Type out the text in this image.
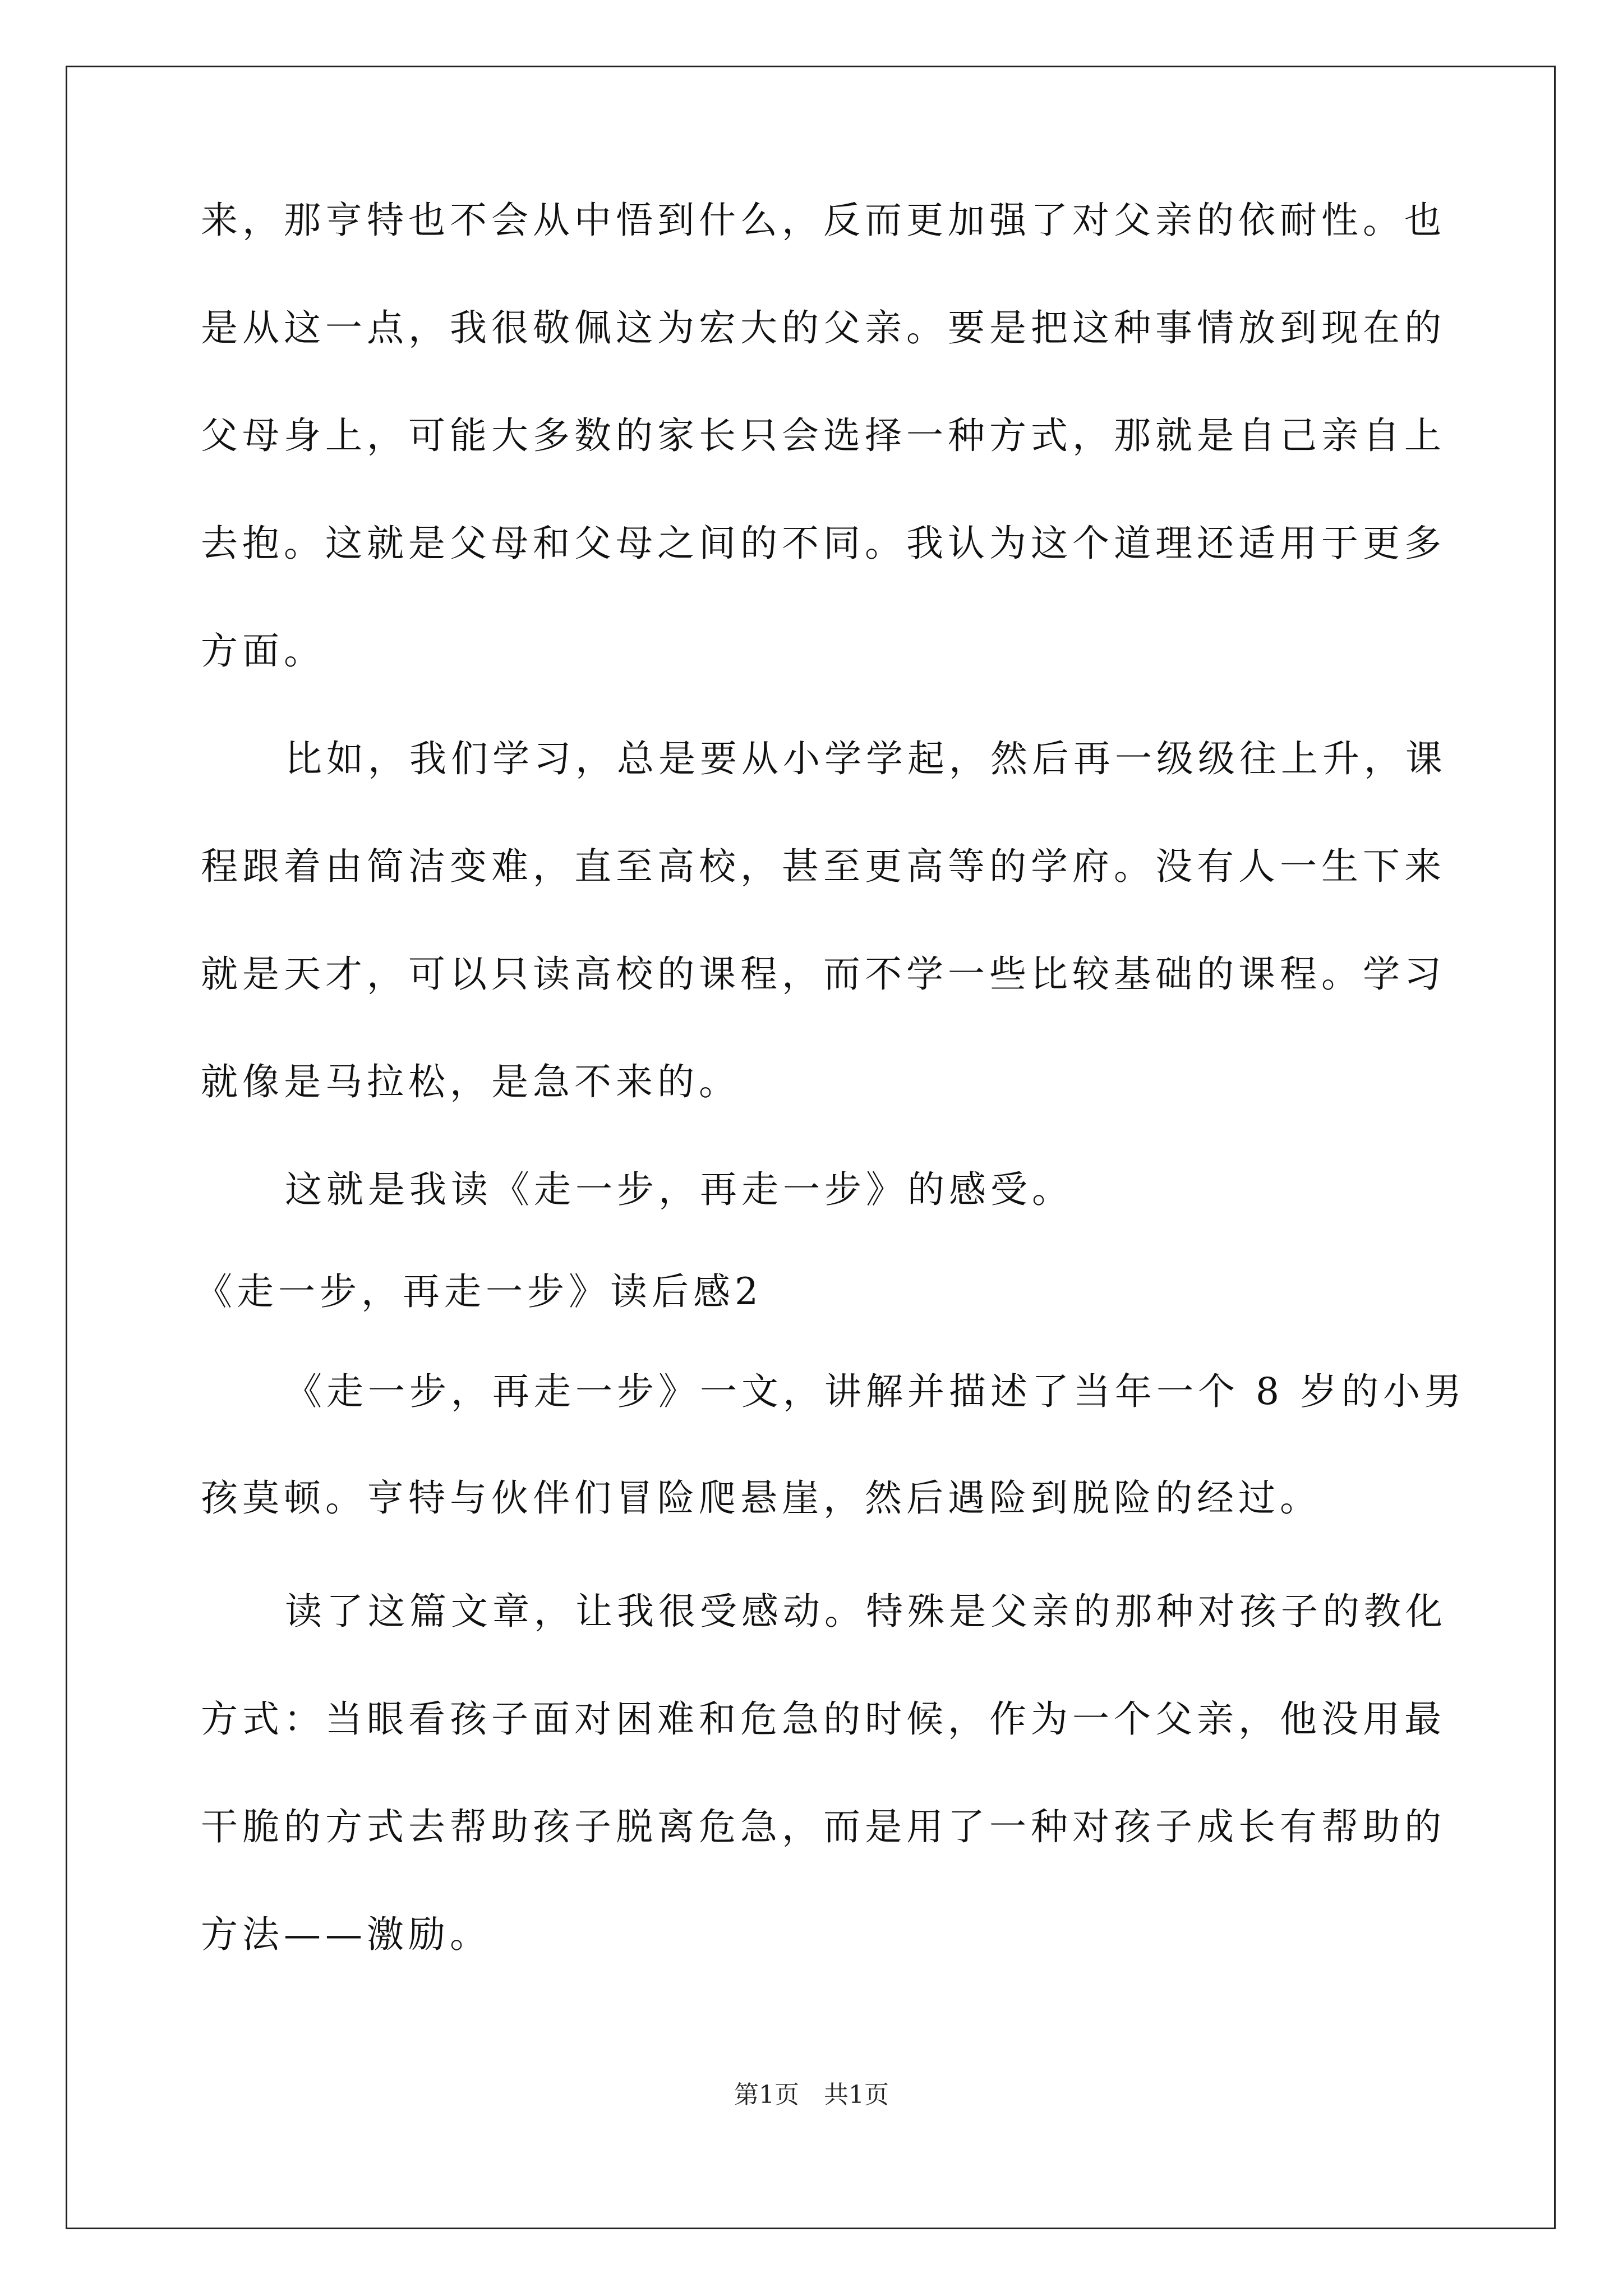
来，那亨特也不会从中悟到什么，反而更加强了对父亲的依耐性。也
是从这一点，我很敬佩这为宏大的父亲。要是把这种事情放到现在的
父母身上，可能大多数的家长只会选择一种方式，那就是自己亲自上
去抱。这就是父母和父母之间的不同。我认为这个道理还适用于更多
方面。
比如，我们学习，总是要从小学学起，然后再一级级往上升，课
程跟着由简洁变难，直至高校，甚至更高等的学府。没有人一生下来
就是天才，可以只读高校的课程，而不学一些比较基础的课程。学习
就像是马拉松，是急不来的。
这就是我读《走一步，再走一步》的感受。
《走一步，再走一步》读后感2
《走一步，再走一步》一文，讲解并描述了当年一个 8 岁的小男
孩莫顿。亨特与伙伴们冒险爬悬崖，然后遇险到脱险的经过。
读了这篇文章，让我很受感动。特殊是父亲的那种对孩子的教化
方式：当眼看孩子面对困难和危急的时候，作为一个父亲，他没用最
干脆的方式去帮助孩子脱离危急，而是用了一种对孩子成长有帮助的
方法——激励。
第1页　共1页
